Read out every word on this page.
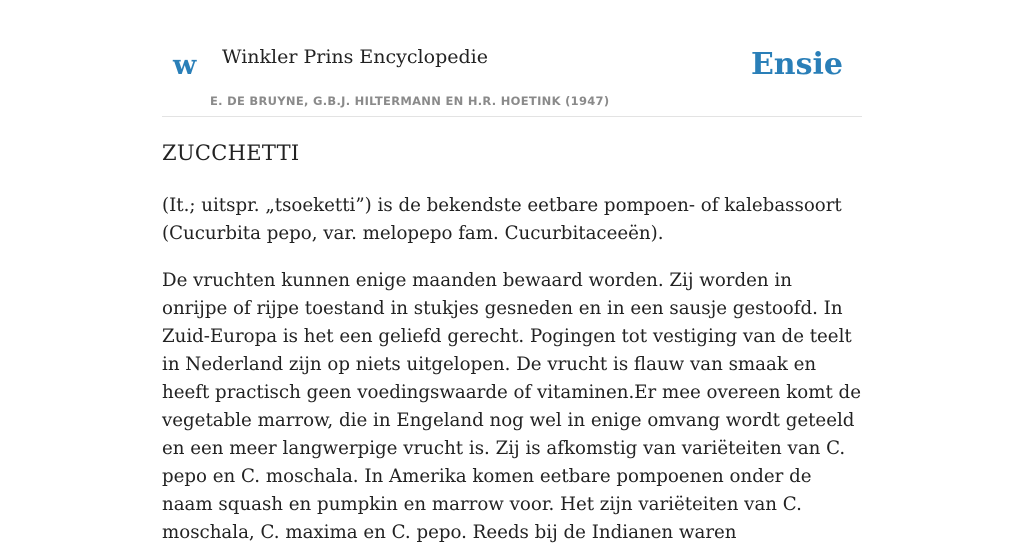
w Winkler Prins Encyclopedie
E. DE BRUYNE, G.B.J. HILTERMANN EN H.R. HOETINK (1947)
Ensie
ZUCCHETTI

(It.; uitspr. „tsoeketti”) is de bekendste eetbare pompoen- of kalebassoort (Cucurbita pepo, var. melopepo fam. Cucurbitaceeën).

De vruchten kunnen enige maanden bewaard worden. Zij worden in onrijpe of rijpe toestand in stukjes gesneden en in een sausje gestoofd. In Zuid-Europa is het een geliefd gerecht. Pogingen tot vestiging van de teelt in Nederland zijn op niets uitgelopen. De vrucht is flauw van smaak en heeft practisch geen voedingswaarde of vitaminen.Er mee overeen komt de vegetable marrow, die in Engeland nog wel in enige omvang wordt geteeld en een meer langwerpige vrucht is. Zij is afkomstig van variëteiten van C. pepo en C. moschala. In Amerika komen eetbare pompoenen onder de naam squash en pumpkin en marrow voor. Het zijn variëteiten van C. moschala, C. maxima en C. pepo. Reeds bij de Indianen waren
